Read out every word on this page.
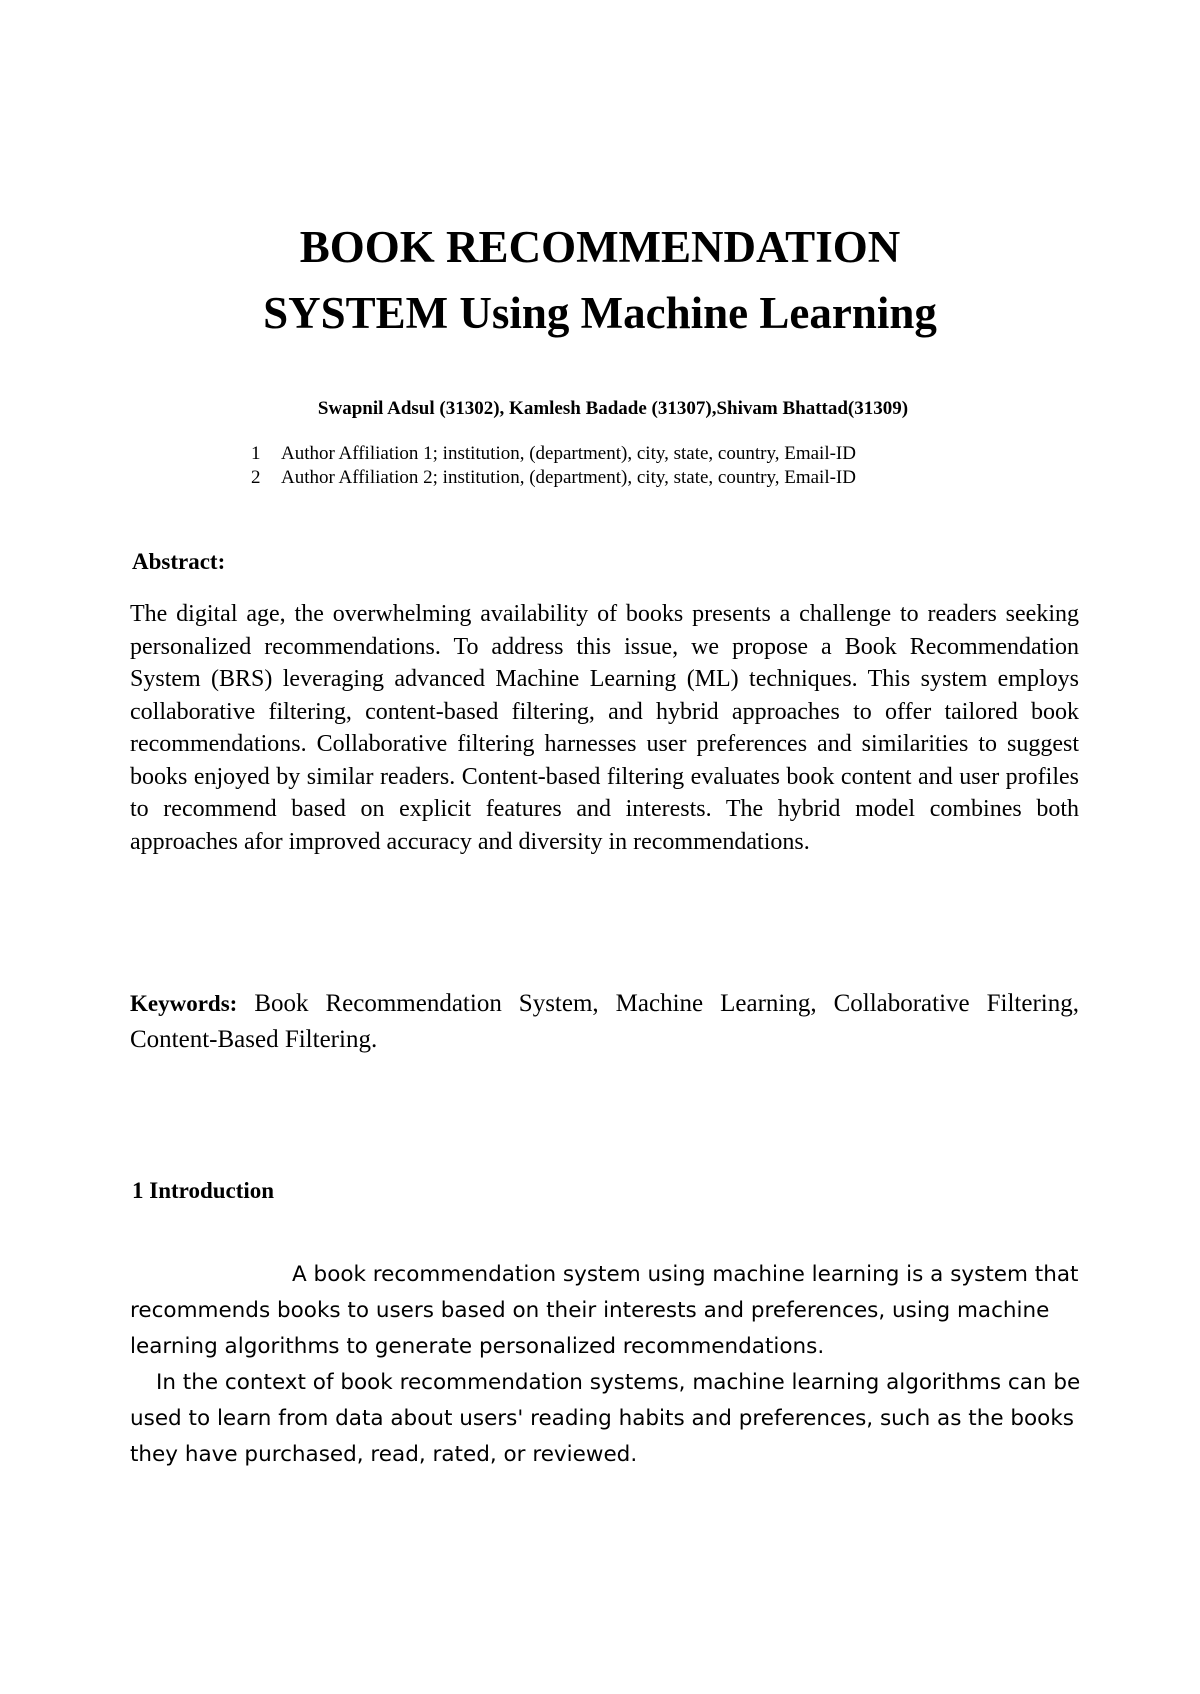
BOOK RECOMMENDATION
SYSTEM Using Machine Learning

Swapnil Adsul (31302), Kamlesh Badade (31307),Shivam Bhattad(31309)

1	Author Affiliation 1; institution, (department), city, state, country, Email-ID
2	Author Affiliation 2; institution, (department), city, state, country, Email-ID
Abstract:

The digital age, the overwhelming availability of books presents a challenge to readers seeking personalized recommendations. To address this issue, we propose a Book Recommendation System (BRS) leveraging advanced Machine Learning (ML) techniques. This system employs collaborative filtering, content-based filtering, and hybrid approaches to offer tailored book recommendations. Collaborative filtering harnesses user preferences and similarities to suggest books enjoyed by similar readers. Content-based filtering evaluates book content and user profiles to recommend based on explicit features and interests. The hybrid model combines both approaches afor improved accuracy and diversity in recommendations.

Keywords: Book Recommendation System, Machine Learning, Collaborative Filtering, Content-Based Filtering.

1 Introduction

A book recommendation system using machine learning is a system that recommends books to users based on their interests and preferences, using machine learning algorithms to generate personalized recommendations.

In the context of book recommendation systems, machine learning algorithms can be used to learn from data about users' reading habits and preferences, such as the books they have purchased, read, rated, or reviewed.
